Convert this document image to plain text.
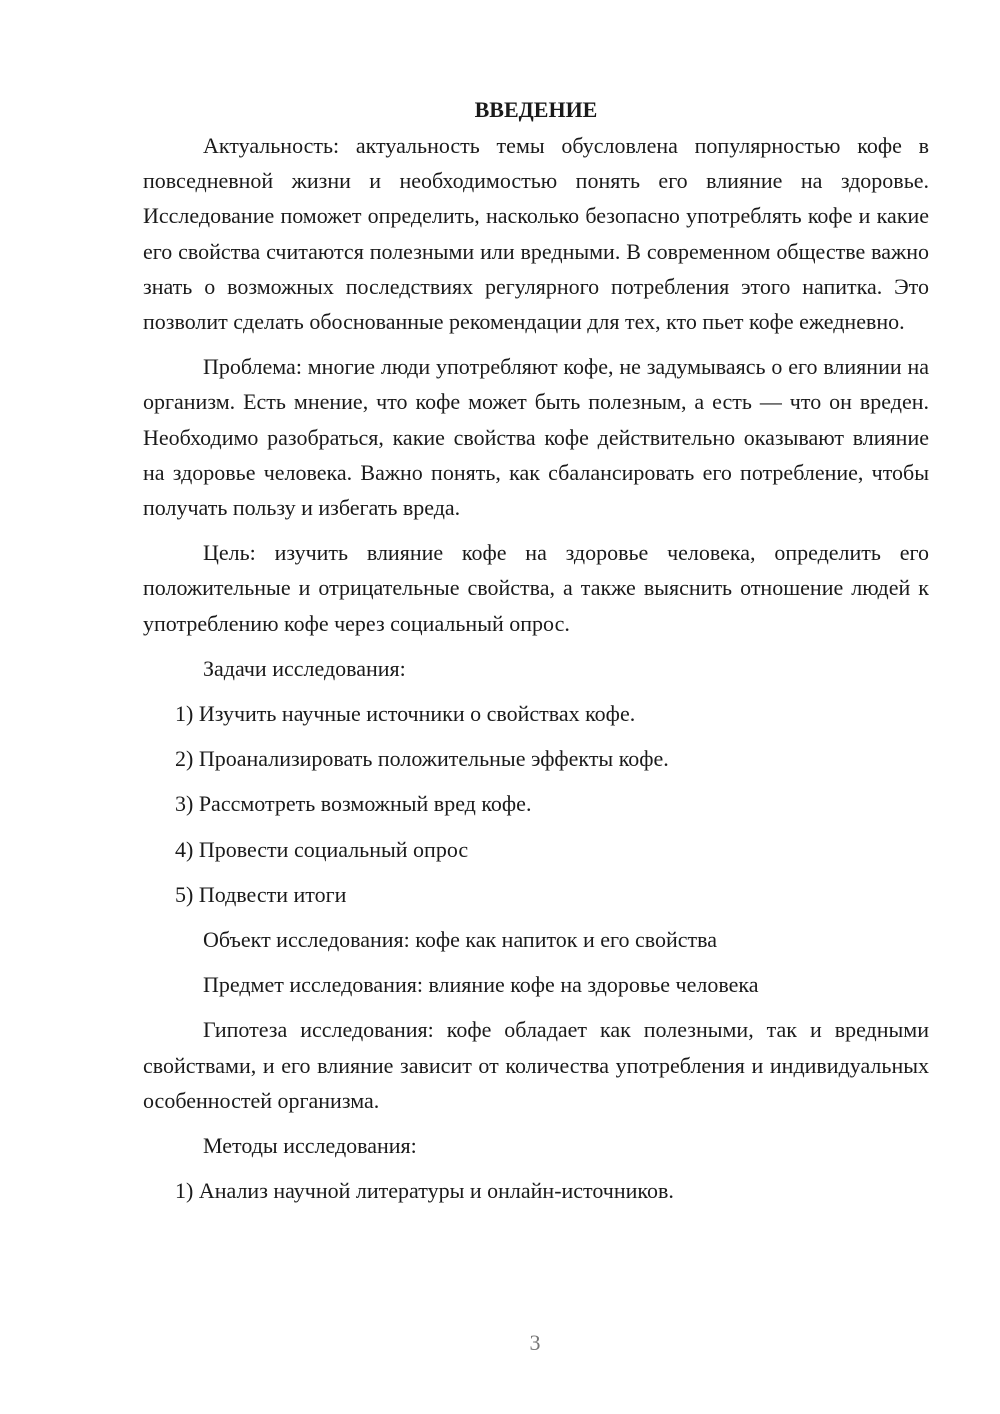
ВВЕДЕНИЕ

Актуальность: актуальность темы обусловлена популярностью кофе в повседневной жизни и необходимостью понять его влияние на здоровье. Исследование поможет определить, насколько безопасно употреблять кофе и какие его свойства считаются полезными или вредными. В современном обществе важно знать о возможных последствиях регулярного потребления этого напитка. Это позволит сделать обоснованные рекомендации для тех, кто пьет кофе ежедневно.

Проблема: многие люди употребляют кофе, не задумываясь о его влиянии на организм. Есть мнение, что кофе может быть полезным, а есть — что он вреден. Необходимо разобраться, какие свойства кофе действительно оказывают влияние на здоровье человека. Важно понять, как сбалансировать его потребление, чтобы получать пользу и избегать вреда.

Цель: изучить влияние кофе на здоровье человека, определить его положительные и отрицательные свойства, а также выяснить отношение людей к употреблению кофе через социальный опрос.

Задачи исследования:
1) Изучить научные источники о свойствах кофе.
2) Проанализировать положительные эффекты кофе.
3) Рассмотреть возможный вред кофе.
4) Провести социальный опрос
5) Подвести итоги
Объект исследования: кофе как напиток и его свойства
Предмет исследования: влияние кофе на здоровье человека

Гипотеза исследования: кофе обладает как полезными, так и вредными свойствами, и его влияние зависит от количества употребления и индивидуальных особенностей организма.

Методы исследования:
1) Анализ научной литературы и онлайн-источников.
3
